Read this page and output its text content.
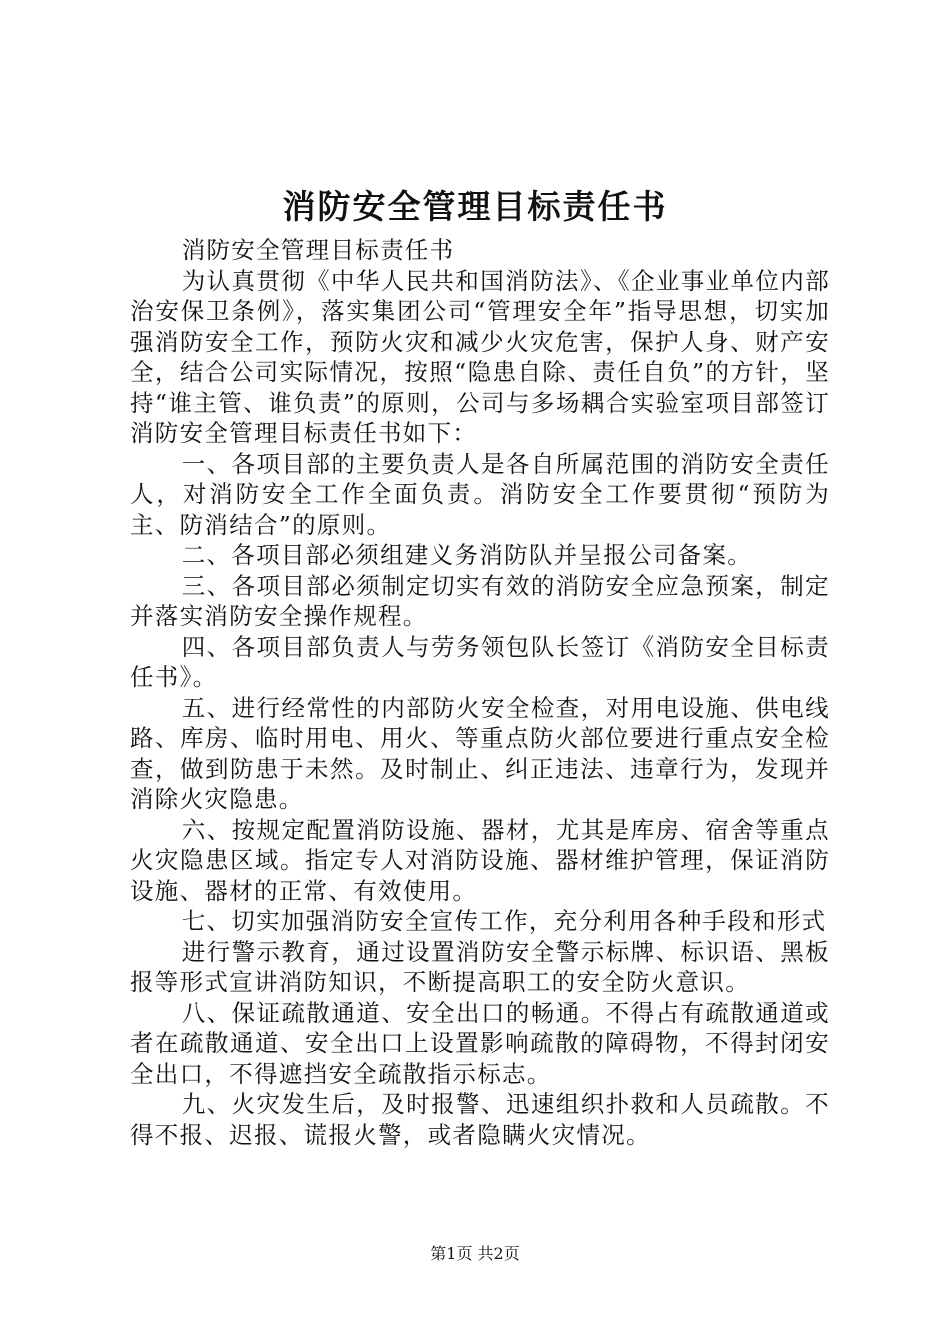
消防安全管理目标责任书

消防安全管理目标责任书

为认真贯彻《中华人民共和国消防法》、《企业事业单位内部治安保卫条例》，落实集团公司“管理安全年”指导思想，切实加强消防安全工作，预防火灾和减少火灾危害，保护人身、财产安全，结合公司实际情况，按照“隐患自除、责任自负”的方针，坚持“谁主管、谁负责”的原则，公司与多场耦合实验室项目部签订消防安全管理目标责任书如下：

一、各项目部的主要负责人是各自所属范围的消防安全责任人，对消防安全工作全面负责。消防安全工作要贯彻“预防为主、防消结合”的原则。

二、各项目部必须组建义务消防队并呈报公司备案。

三、各项目部必须制定切实有效的消防安全应急预案，制定并落实消防安全操作规程。

四、各项目部负责人与劳务领包队长签订《消防安全目标责任书》。

五、进行经常性的内部防火安全检查，对用电设施、供电线路、库房、临时用电、用火、等重点防火部位要进行重点安全检查，做到防患于未然。及时制止、纠正违法、违章行为，发现并消除火灾隐患。

六、按规定配置消防设施、器材，尤其是库房、宿舍等重点火灾隐患区域。指定专人对消防设施、器材维护管理，保证消防设施、器材的正常、有效使用。

七、切实加强消防安全宣传工作，充分利用各种手段和形式

进行警示教育，通过设置消防安全警示标牌、标识语、黑板报等形式宣讲消防知识，不断提高职工的安全防火意识。

八、保证疏散通道、安全出口的畅通。不得占有疏散通道或者在疏散通道、安全出口上设置影响疏散的障碍物，不得封闭安全出口，不得遮挡安全疏散指示标志。

九、火灾发生后，及时报警、迅速组织扑救和人员疏散。不得不报、迟报、谎报火警，或者隐瞒火灾情况。

第1页 共2页
